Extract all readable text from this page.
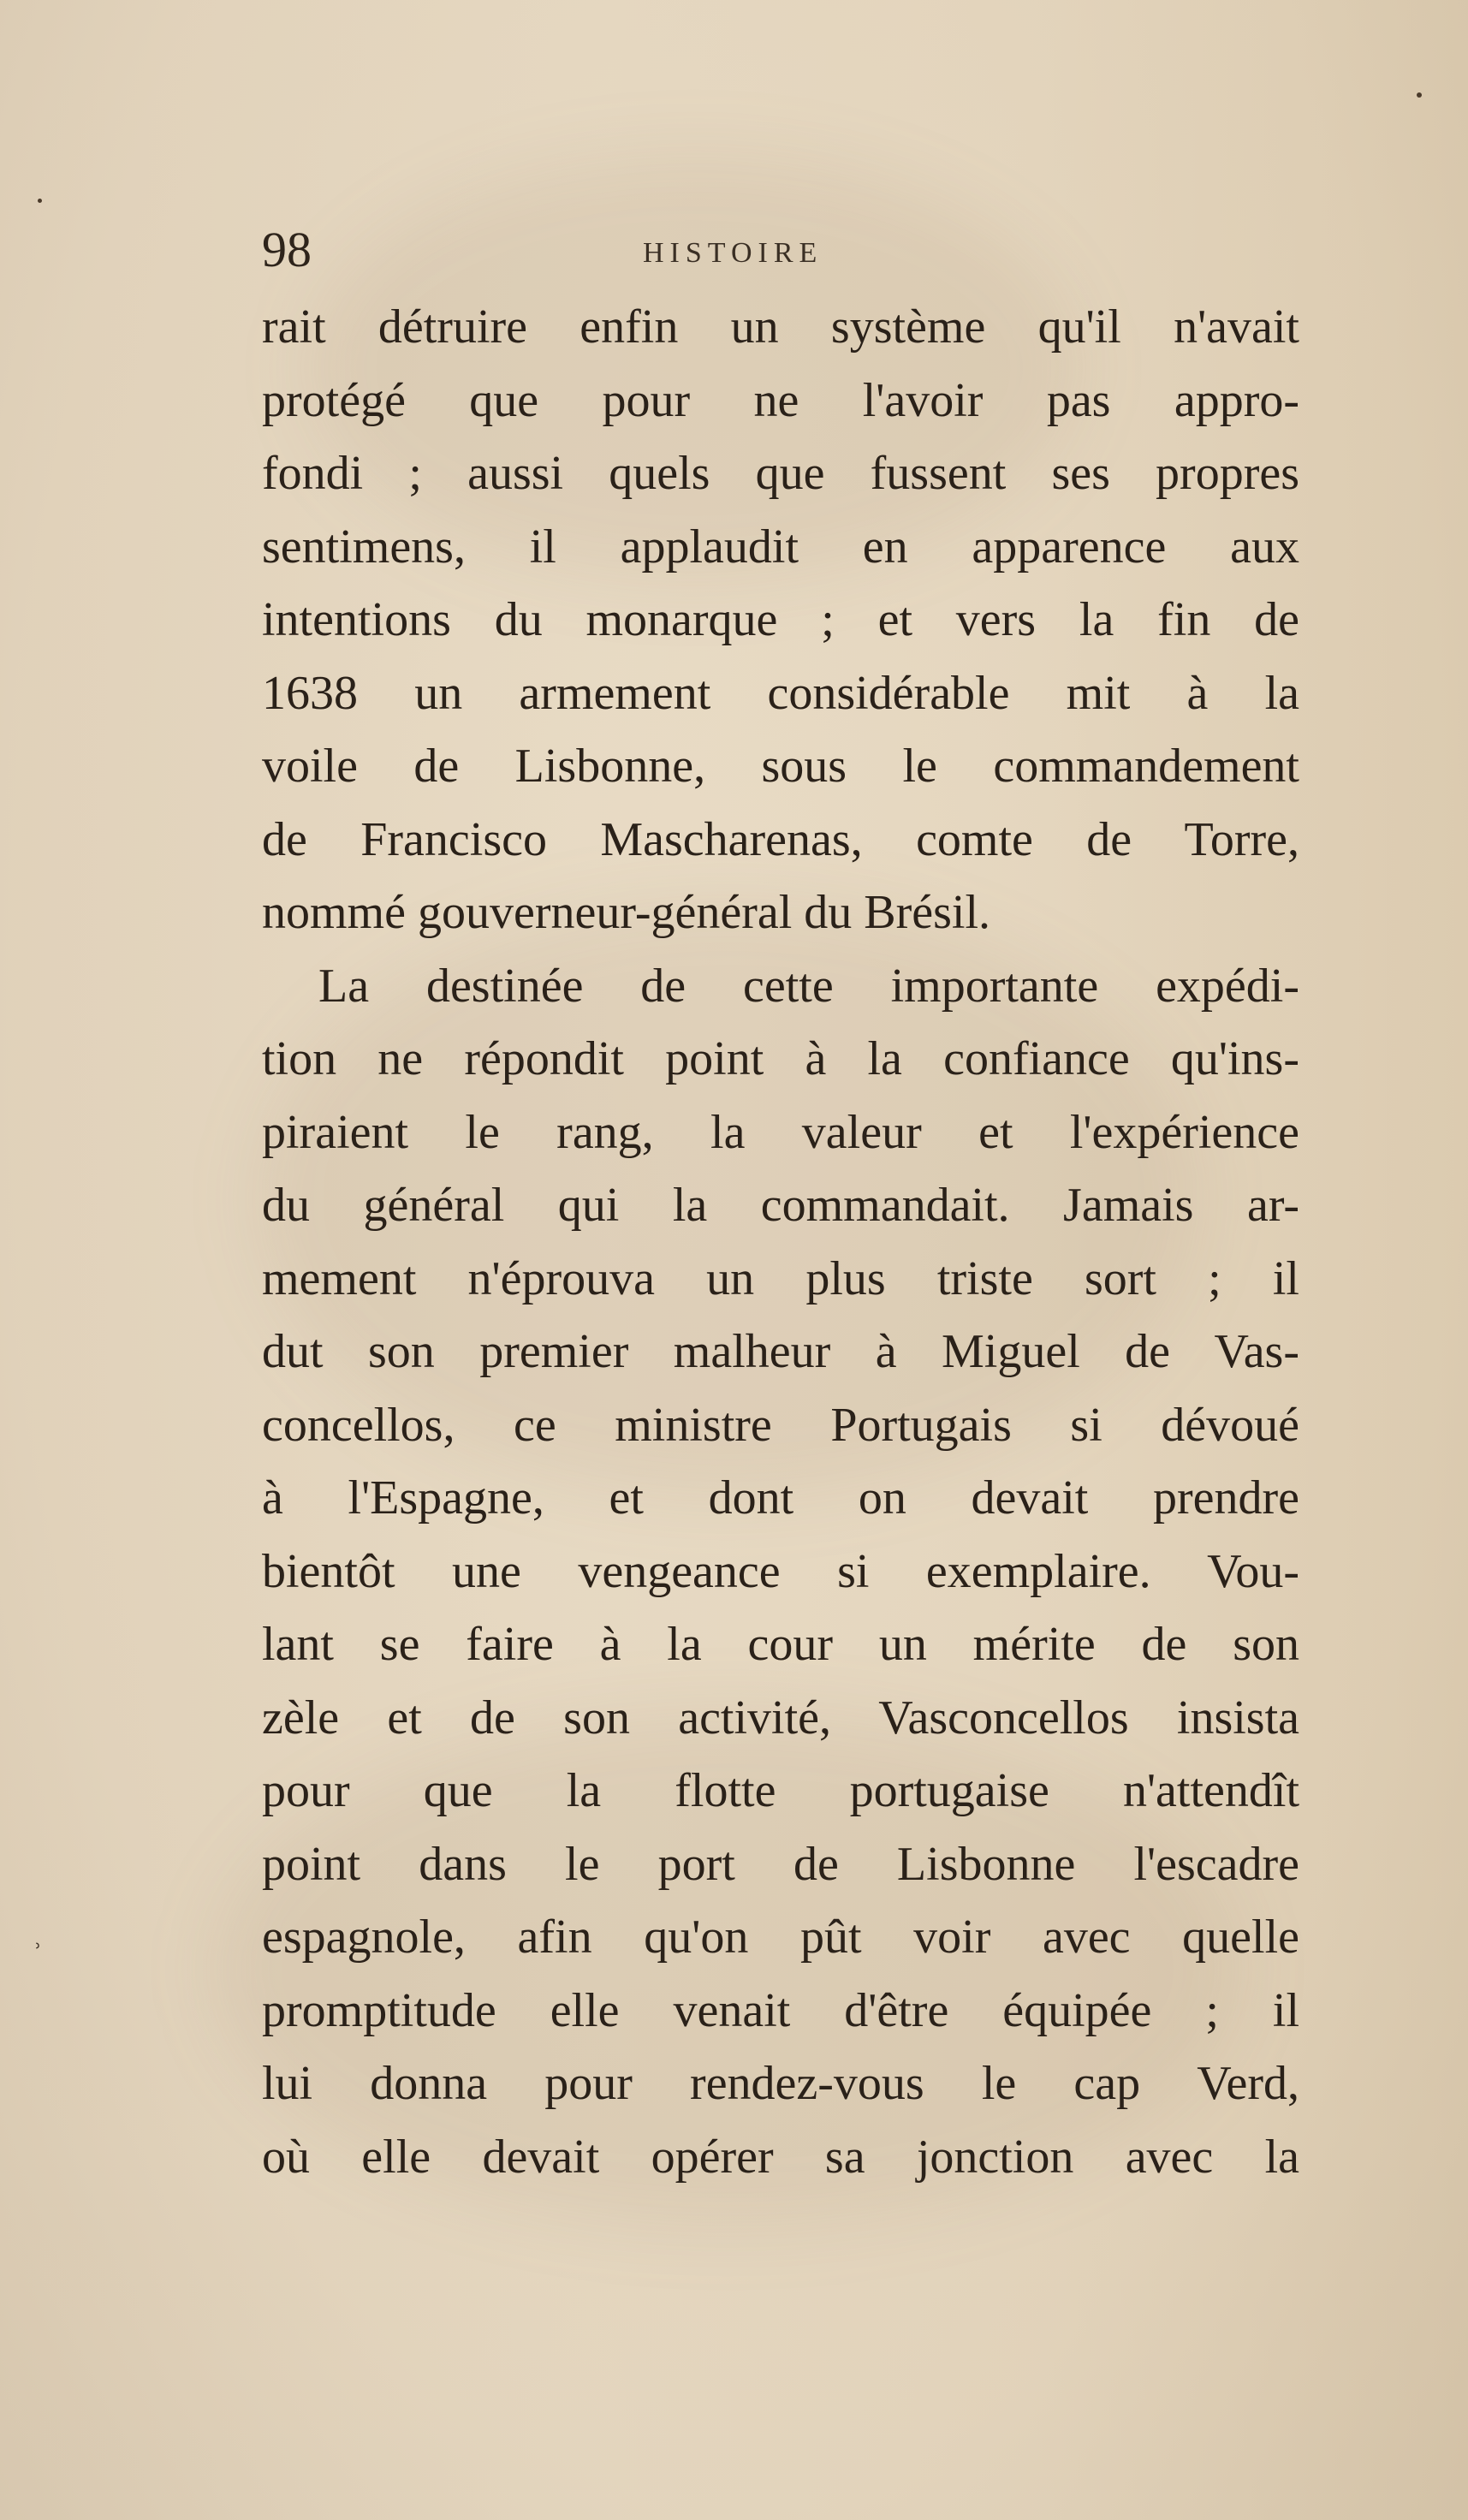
98	HISTOIRE
rait détruire enfin un système qu'il n'avait
protégé que pour ne l'avoir pas appro-
fondi ; aussi quels que fussent ses propres
sentimens, il applaudit en apparence aux
intentions du monarque ; et vers la fin de
1638 un armement considérable mit à la
voile de Lisbonne, sous le commandement
de Francisco Mascharenas, comte de Torre,
nommé gouverneur-général du Brésil.
La destinée de cette importante expédi-
tion ne répondit point à la confiance qu'ins-
piraient le rang, la valeur et l'expérience
du général qui la commandait. Jamais ar-
mement n'éprouva un plus triste sort ; il
dut son premier malheur à Miguel de Vas-
concellos, ce ministre Portugais si dévoué
à l'Espagne, et dont on devait prendre
bientôt une vengeance si exemplaire. Vou-
lant se faire à la cour un mérite de son
zèle et de son activité, Vasconcellos insista
pour que la flotte portugaise n'attendît
point dans le port de Lisbonne l'escadre
espagnole, afin qu'on pût voir avec quelle
promptitude elle venait d'être équipée ; il
lui donna pour rendez-vous le cap Verd,
où elle devait opérer sa jonction avec la
˒
